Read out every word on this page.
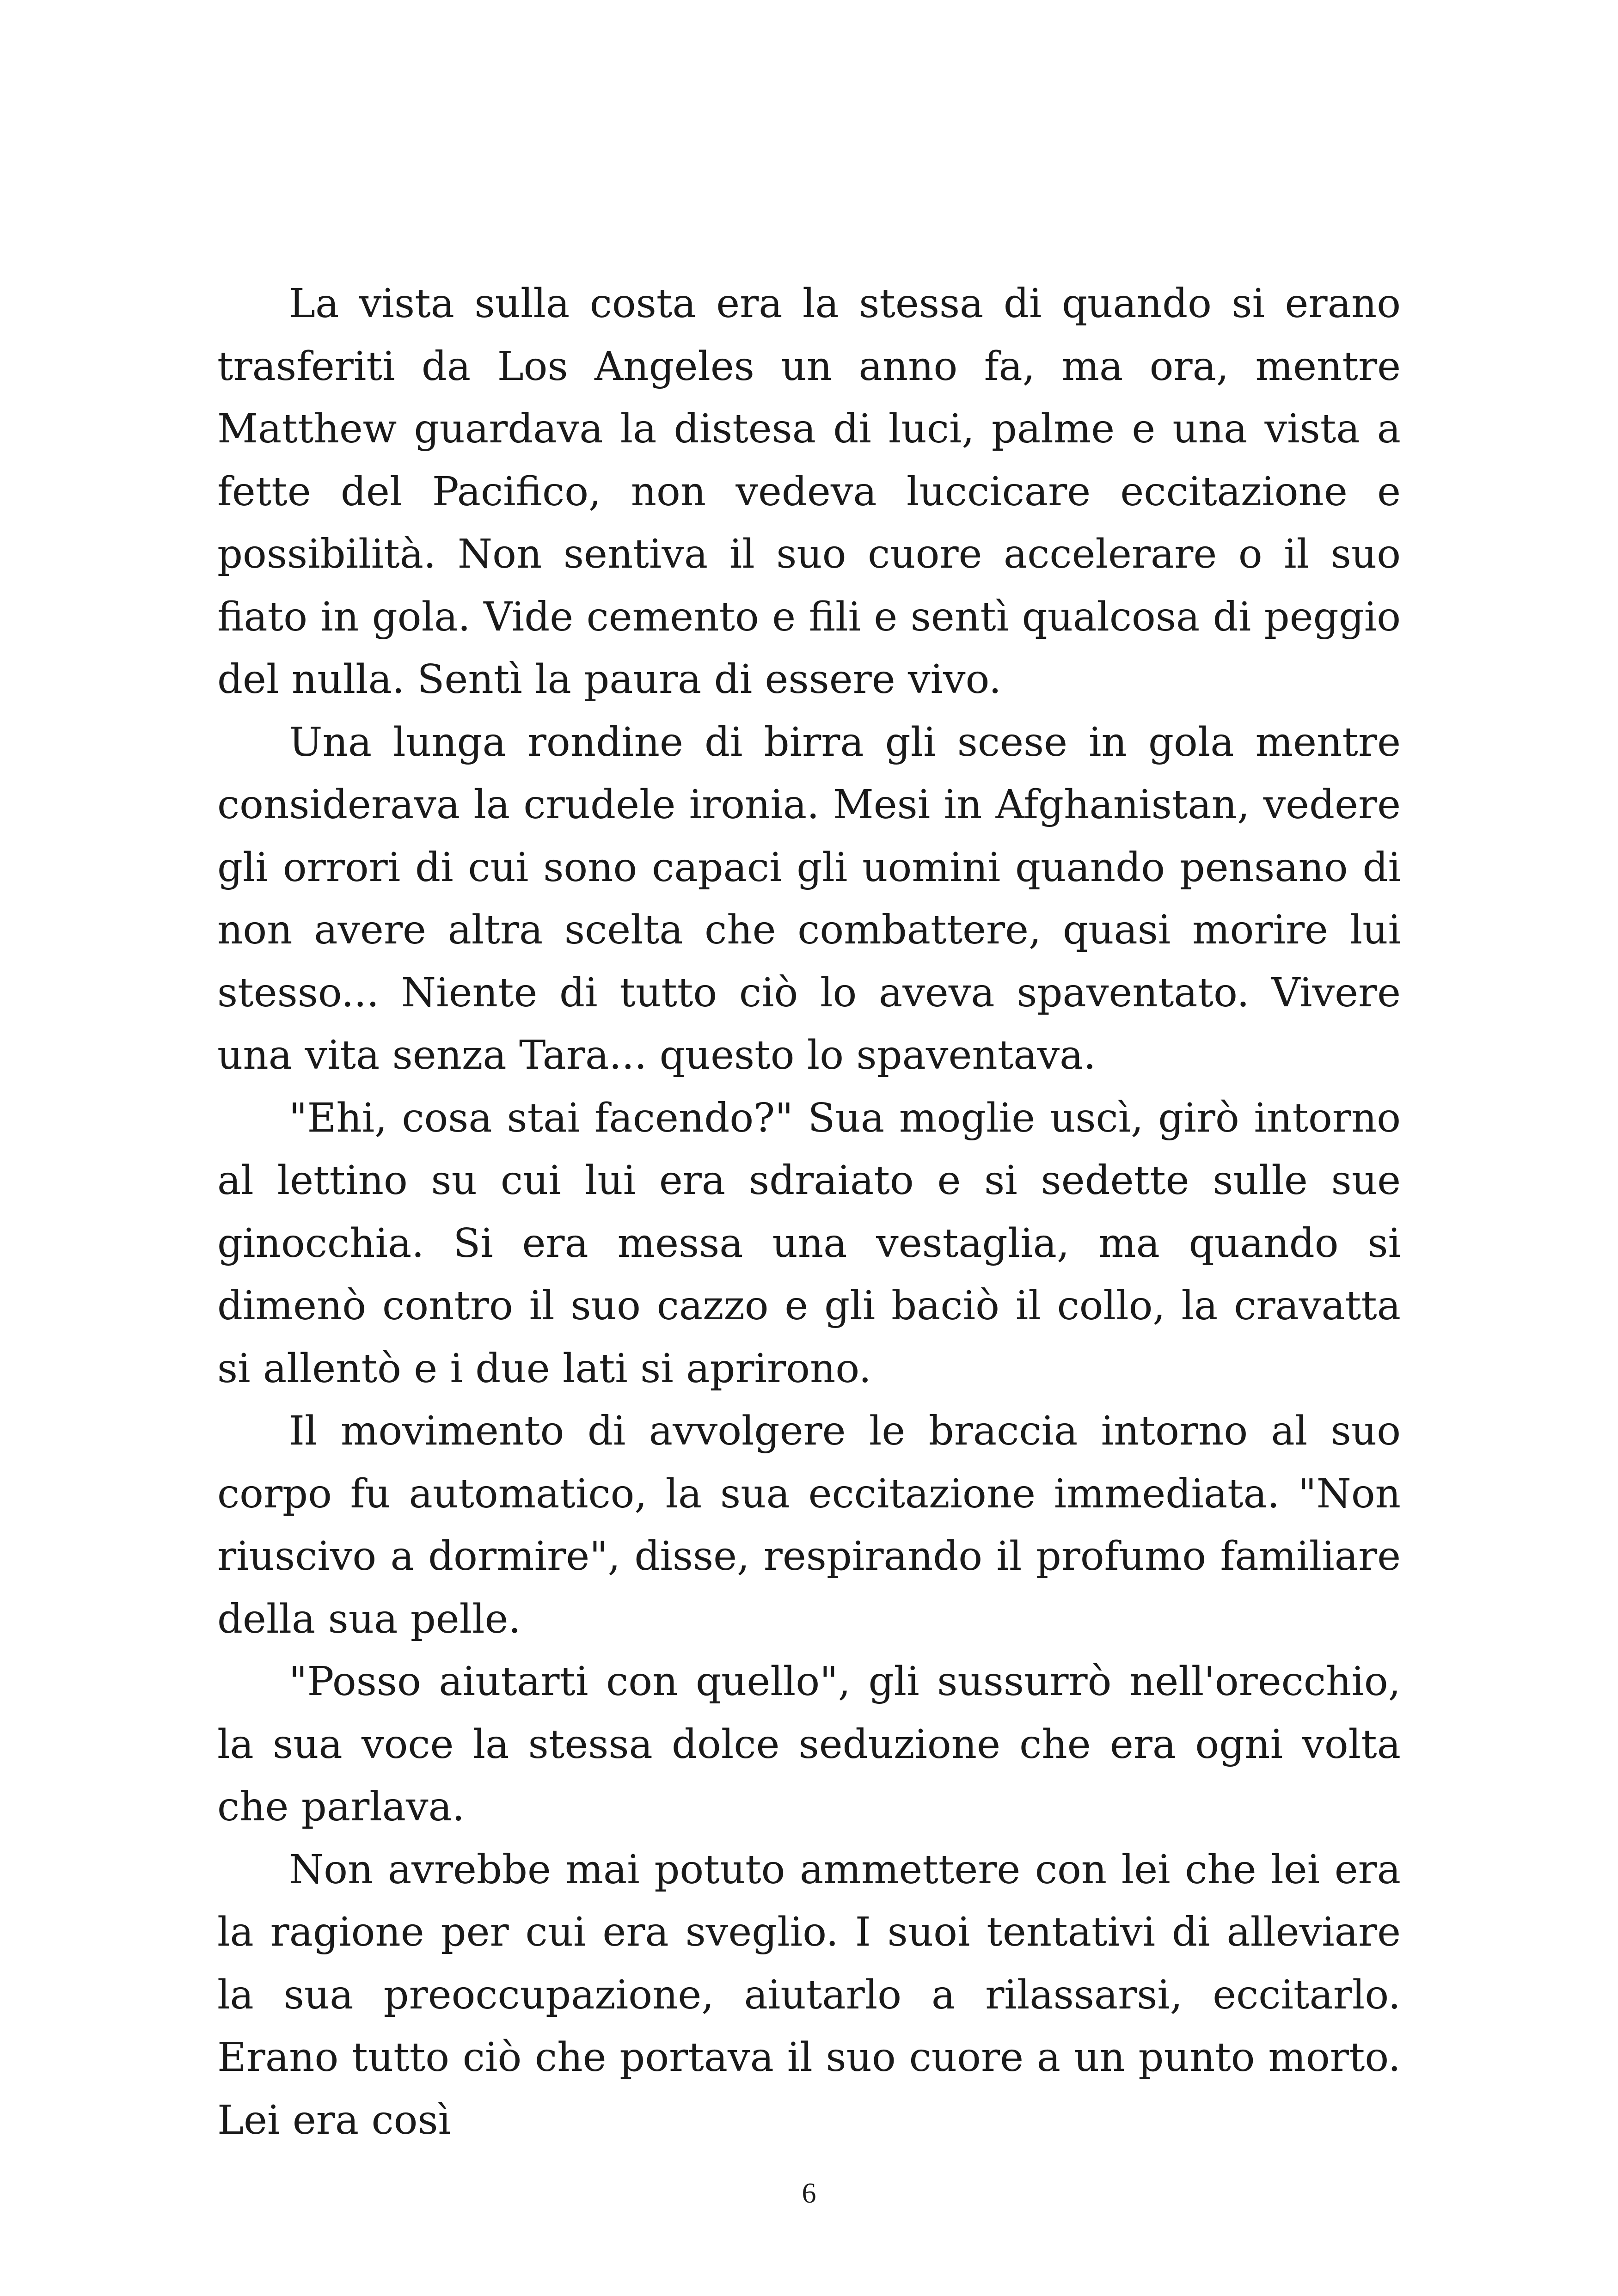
La vista sulla costa era la stessa di quando si erano trasferiti da Los Angeles un anno fa, ma ora, mentre Matthew guardava la distesa di luci, palme e una vista a fette del Pacifico, non vedeva luccicare eccitazione e possibilità. Non sentiva il suo cuore accelerare o il suo fiato in gola. Vide cemento e fili e sentì qualcosa di peggio del nulla. Sentì la paura di essere vivo.

Una lunga rondine di birra gli scese in gola mentre considerava la crudele ironia. Mesi in Afghanistan, vedere gli orrori di cui sono capaci gli uomini quando pensano di non avere altra scelta che combattere, quasi morire lui stesso... Niente di tutto ciò lo aveva spaventato. Vivere una vita senza Tara... questo lo spaventava.

"Ehi, cosa stai facendo?" Sua moglie uscì, girò intorno al lettino su cui lui era sdraiato e si sedette sulle sue ginocchia. Si era messa una vestaglia, ma quando si dimenò contro il suo cazzo e gli baciò il collo, la cravatta si allentò e i due lati si aprirono.

Il movimento di avvolgere le braccia intorno al suo corpo fu automatico, la sua eccitazione immediata. "Non riuscivo a dormire", disse, respirando il profumo familiare della sua pelle.

"Posso aiutarti con quello", gli sussurrò nell'orecchio, la sua voce la stessa dolce seduzione che era ogni volta che parlava.

Non avrebbe mai potuto ammettere con lei che lei era la ragione per cui era sveglio. I suoi tentativi di alleviare la sua preoccupazione, aiutarlo a rilassarsi, eccitarlo. Erano tutto ciò che portava il suo cuore a un punto morto. Lei era così

6
